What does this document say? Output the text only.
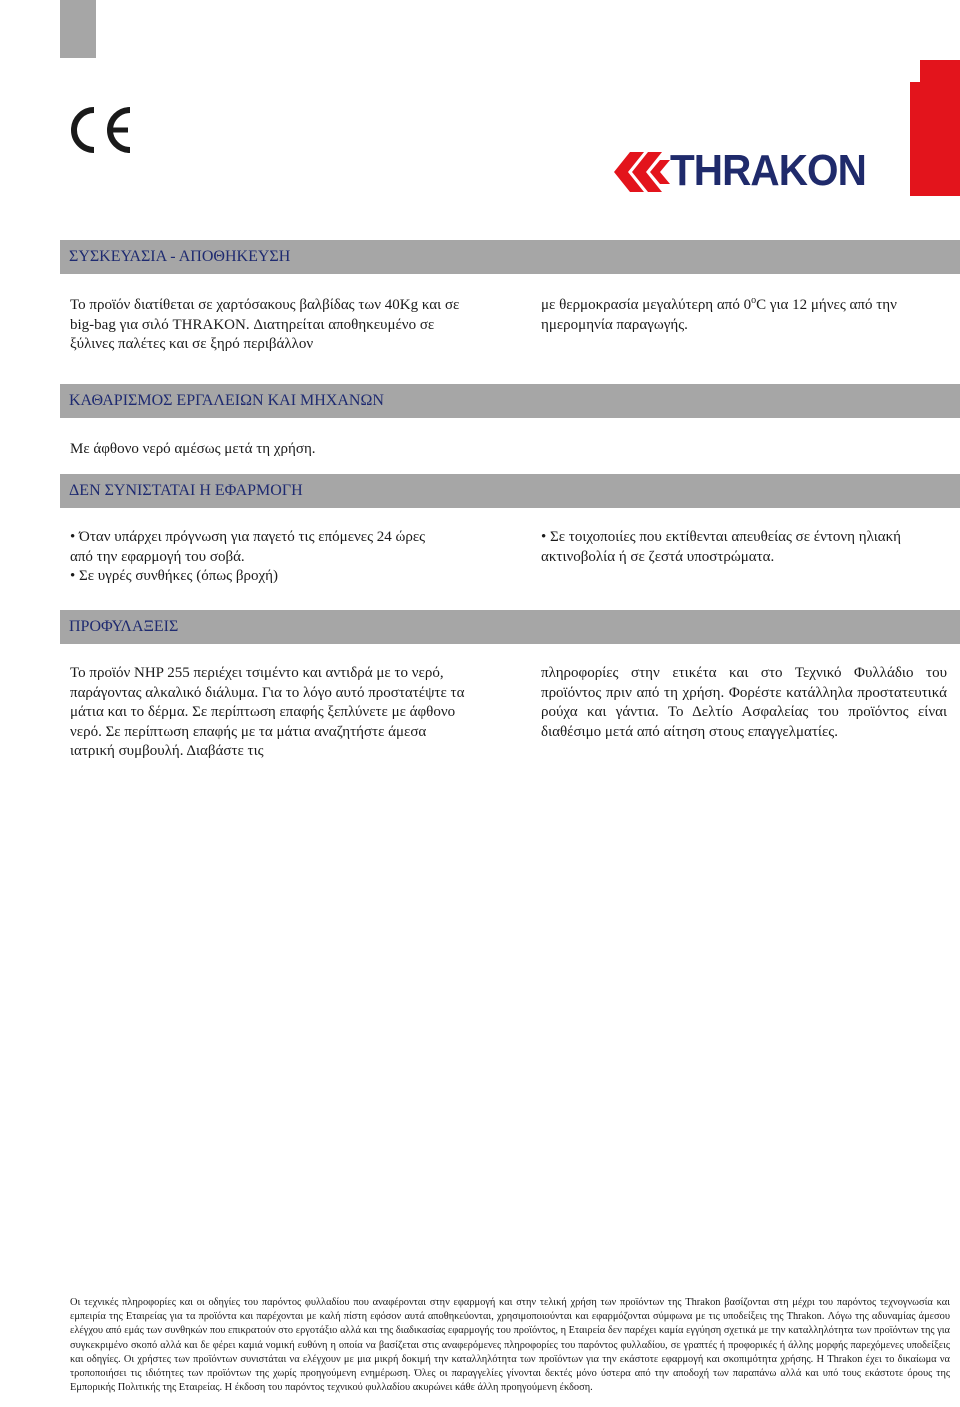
THRAKON
ΣΥΣΚΕΥΑΣΙΑ - ΑΠΟΘΗΚΕΥΣΗ
Το προϊόν διατίθεται σε χαρτόσακους βαλβίδας των 40Kg και σε big-bag για σιλό THRAKON. Διατηρείται αποθηκευμένο σε ξύλινες παλέτες και σε ξηρό περιβάλλον
με θερμοκρασία μεγαλύτερη από 0$^o$C για 12 μήνες από την ημερομηνία παραγωγής.
ΚΑΘΑΡΙΣΜΟΣ ΕΡΓΑΛΕΙΩΝ ΚΑΙ ΜΗΧΑΝΩΝ
Με άφθονο νερό αμέσως μετά τη χρήση.
ΔΕΝ ΣΥΝΙΣΤΑΤΑΙ Η ΕΦΑΡΜΟΓΗ

• Όταν υπάρχει πρόγνωση για παγετό τις επόμενες 24 ώρες από την εφαρμογή του σοβά.

• Σε υγρές συνθήκες (όπως βροχή)

• Σε τοιχοποιίες που εκτίθενται απευθείας σε έντονη ηλιακή ακτινοβολία ή σε ζεστά υποστρώματα.

ΠΡΟΦΥΛΑΞΕΙΣ
Το προϊόν NHP 255 περιέχει τσιμέντο και αντιδρά με το νερό, παράγοντας αλκαλικό διάλυμα. Για το λόγο αυτό προστατέψτε τα μάτια και το δέρμα. Σε περίπτωση επαφής ξεπλύνετε με άφθονο νερό. Σε περίπτωση επαφής με τα μάτια αναζητήστε άμεσα ιατρική συμβουλή. Διαβάστε τις
πληροφορίες στην ετικέτα και στο Τεχνικό Φυλλάδιο του προϊόντος πριν από τη χρήση. Φορέστε κατάλληλα προστατευτικά ρούχα και γάντια. Το Δελτίο Ασφαλείας του προϊόντος είναι διαθέσιμο μετά από αίτηση στους επαγγελματίες.
Οι τεχνικές πληροφορίες και οι οδηγίες του παρόντος φυλλαδίου που αναφέρονται στην εφαρμογή και στην τελική χρήση των προϊόντων της Thrakon βασίζονται στη μέχρι του παρόντος τεχνογνωσία και εμπειρία της Εταιρείας για τα προϊόντα και παρέχονται με καλή πίστη εφόσον αυτά αποθηκεύονται, χρησιμοποιούνται και εφαρμόζονται σύμφωνα με τις υποδείξεις της Thrakon. Λόγω της αδυναμίας άμεσου ελέγχου από εμάς των συνθηκών που επικρατούν στο εργοτάξιο αλλά και της διαδικασίας εφαρμογής του προϊόντος, η Εταιρεία δεν παρέχει καμία εγγύηση σχετικά με την καταλληλότητα των προϊόντων της για συγκεκριμένο σκοπό αλλά και δε φέρει καμιά νομική ευθύνη η οποία να βασίζεται στις αναφερόμενες πληροφορίες του παρόντος φυλλαδίου, σε γραπτές ή προφορικές ή άλλης μορφής παρεχόμενες υποδείξεις και οδηγίες. Οι χρήστες των προϊόντων συνιστάται να ελέγχουν με μια μικρή δοκιμή την καταλληλότητα των προϊόντων για την εκάστοτε εφαρμογή και σκοπιμότητα χρήσης. Η Thrakon έχει το δικαίωμα να τροποποιήσει τις ιδιότητες των προϊόντων της χωρίς προηγούμενη ενημέρωση. Όλες οι παραγγελίες γίνονται δεκτές μόνο ύστερα από την αποδοχή των παραπάνω αλλά και υπό τους εκάστοτε όρους της Εμπορικής Πολιτικής της Εταιρείας. Η έκδοση του παρόντος τεχνικού φυλλαδίου ακυρώνει κάθε άλλη προηγούμενη έκδοση.
